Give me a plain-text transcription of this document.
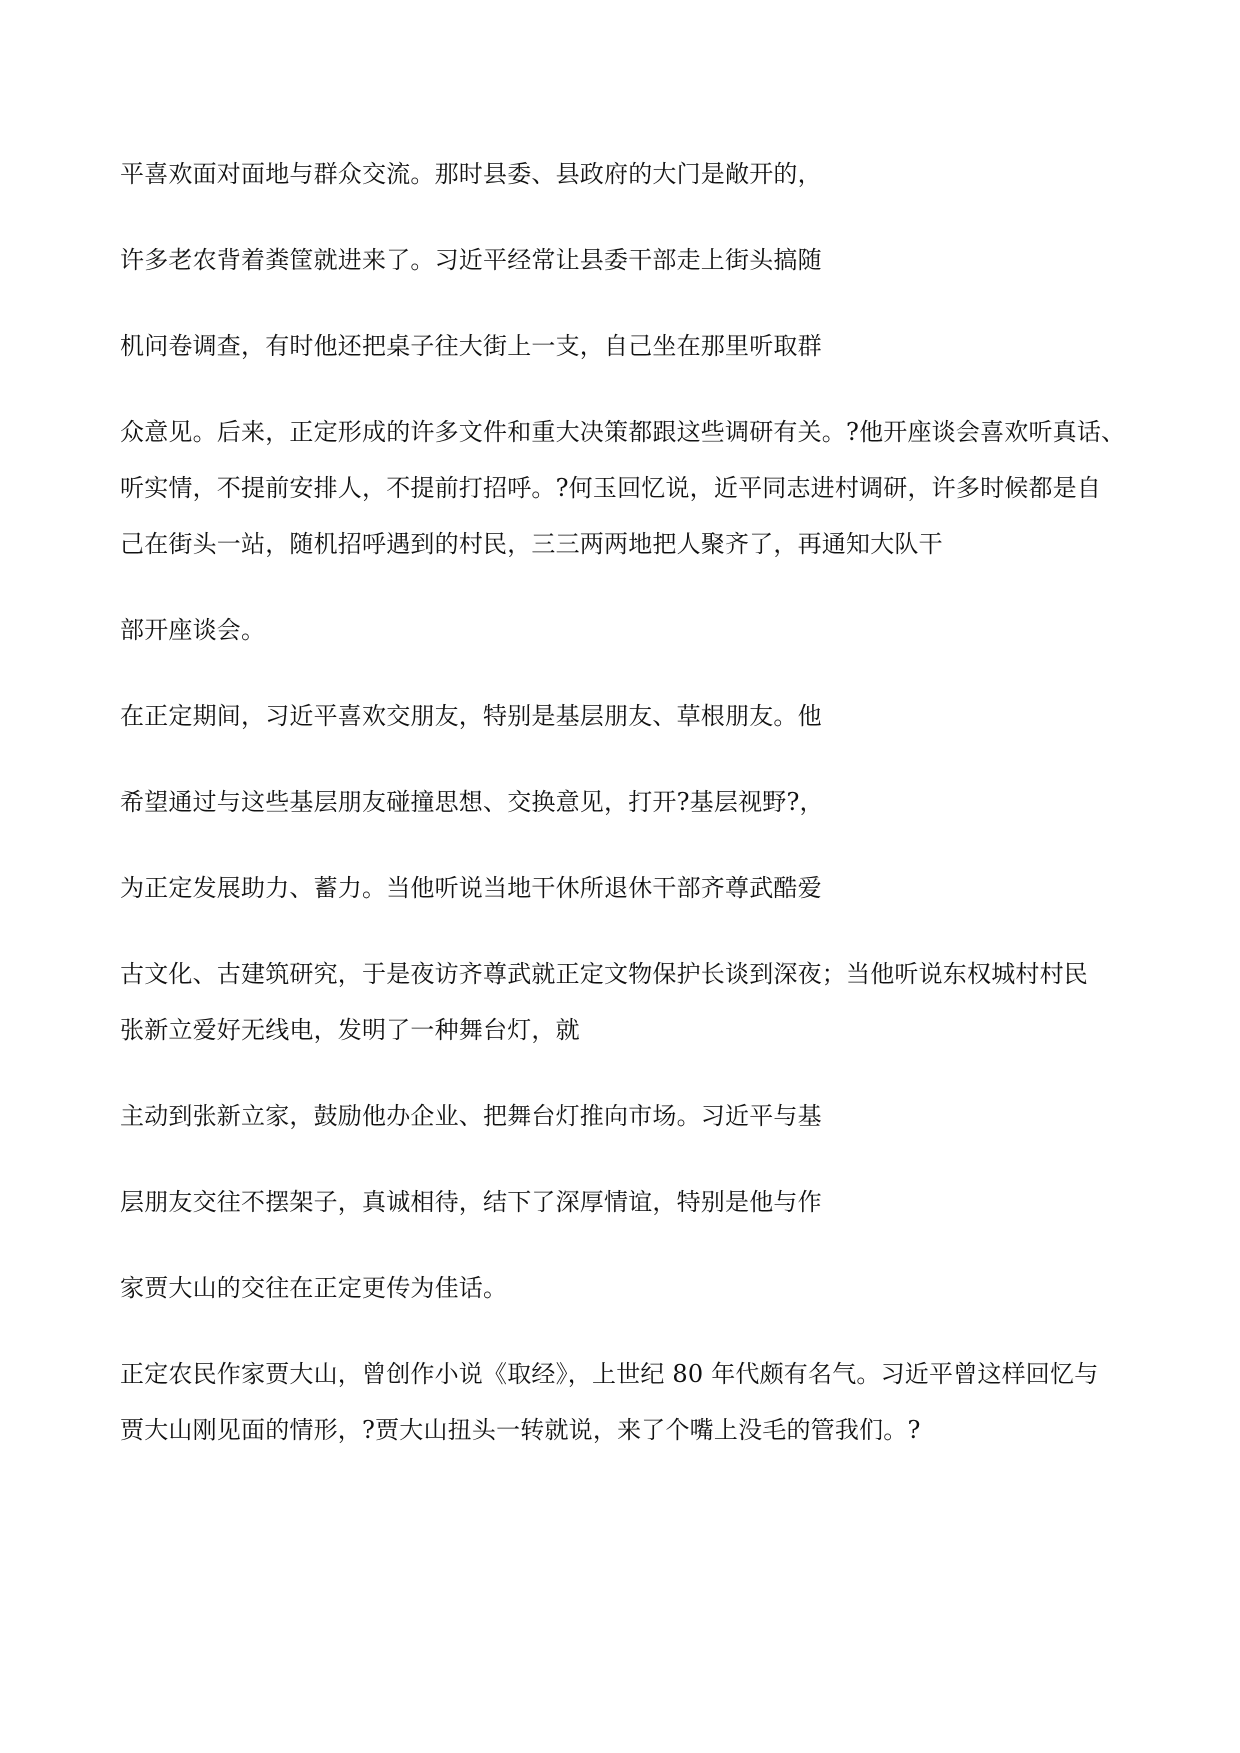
平喜欢面对面地与群众交流。那时县委、县政府的大门是敞开的，
许多老农背着粪筐就进来了。习近平经常让县委干部走上街头搞随
机问卷调查，有时他还把桌子往大街上一支，自己坐在那里听取群
众意见。后来，正定形成的许多文件和重大决策都跟这些调研有关。?他开座谈会喜欢听真话、
听实情，不提前安排人，不提前打招呼。?何玉回忆说，近平同志进村调研，许多时候都是自
己在街头一站，随机招呼遇到的村民，三三两两地把人聚齐了，再通知大队干
部开座谈会。
在正定期间，习近平喜欢交朋友，特别是基层朋友、草根朋友。他
希望通过与这些基层朋友碰撞思想、交换意见，打开?基层视野?，
为正定发展助力、蓄力。当他听说当地干休所退休干部齐尊武酷爱
古文化、古建筑研究，于是夜访齐尊武就正定文物保护长谈到深夜；当他听说东权城村村民
张新立爱好无线电，发明了一种舞台灯，就
主动到张新立家，鼓励他办企业、把舞台灯推向市场。习近平与基
层朋友交往不摆架子，真诚相待，结下了深厚情谊，特别是他与作
家贾大山的交往在正定更传为佳话。
正定农民作家贾大山，曾创作小说《取经》，上世纪 80 年代颇有名气。习近平曾这样回忆与
贾大山刚见面的情形，?贾大山扭头一转就说，来了个嘴上没毛的管我们。?
